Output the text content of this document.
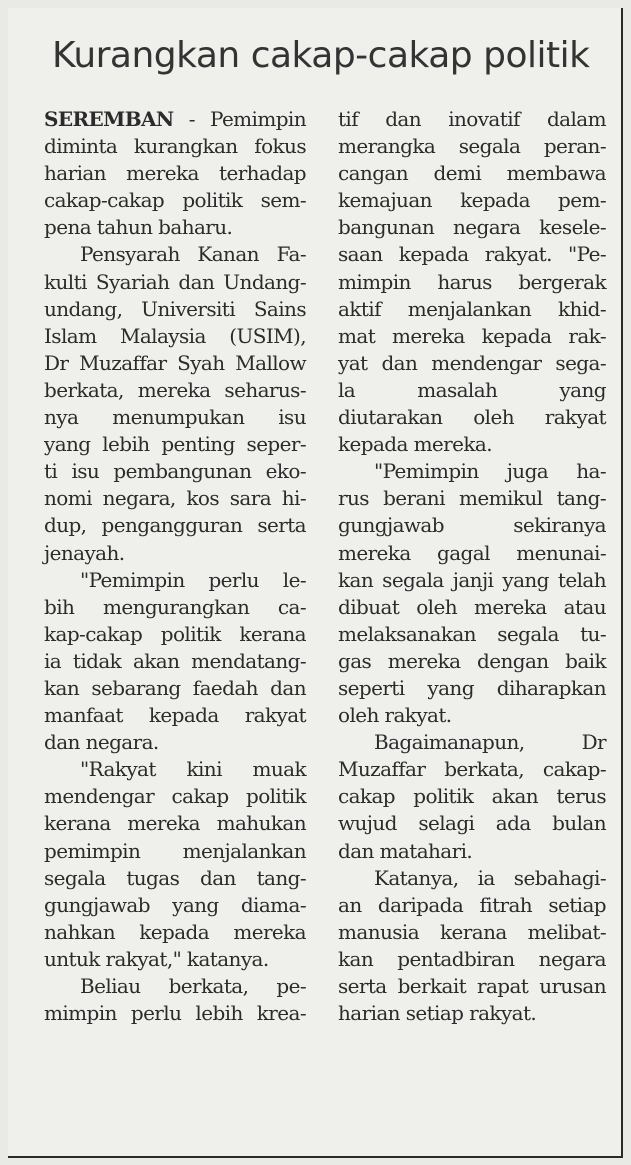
Kurangkan cakap-cakap politik
SEREMBAN - Pemimpin
diminta kurangkan fokus
harian mereka terhadap
cakap-cakap politik sem-
pena tahun baharu.
Pensyarah Kanan Fa-
kulti Syariah dan Undang-
undang, Universiti Sains
Islam Malaysia (USIM),
Dr Muzaffar Syah Mallow
berkata, mereka seharus-
nya menumpukan isu
yang lebih penting seper-
ti isu pembangunan eko-
nomi negara, kos sara hi-
dup, pengangguran serta
jenayah.
"Pemimpin perlu le-
bih mengurangkan ca-
kap-cakap politik kerana
ia tidak akan mendatang-
kan sebarang faedah dan
manfaat kepada rakyat
dan negara.
"Rakyat kini muak
mendengar cakap politik
kerana mereka mahukan
pemimpin menjalankan
segala tugas dan tang-
gungjawab yang diama-
nahkan kepada mereka
untuk rakyat," katanya.
Beliau berkata, pe-
mimpin perlu lebih krea-
tif dan inovatif dalam
merangka segala peran-
cangan demi membawa
kemajuan kepada pem-
bangunan negara kesele-
saan kepada rakyat. "Pe-
mimpin harus bergerak
aktif menjalankan khid-
mat mereka kepada rak-
yat dan mendengar sega-
la masalah yang
diutarakan oleh rakyat
kepada mereka.
"Pemimpin juga ha-
rus berani memikul tang-
gungjawab sekiranya
mereka gagal menunai-
kan segala janji yang telah
dibuat oleh mereka atau
melaksanakan segala tu-
gas mereka dengan baik
seperti yang diharapkan
oleh rakyat.
Bagaimanapun, Dr
Muzaffar berkata, cakap-
cakap politik akan terus
wujud selagi ada bulan
dan matahari.
Katanya, ia sebahagi-
an daripada fitrah setiap
manusia kerana melibat-
kan pentadbiran negara
serta berkait rapat urusan
harian setiap rakyat.
